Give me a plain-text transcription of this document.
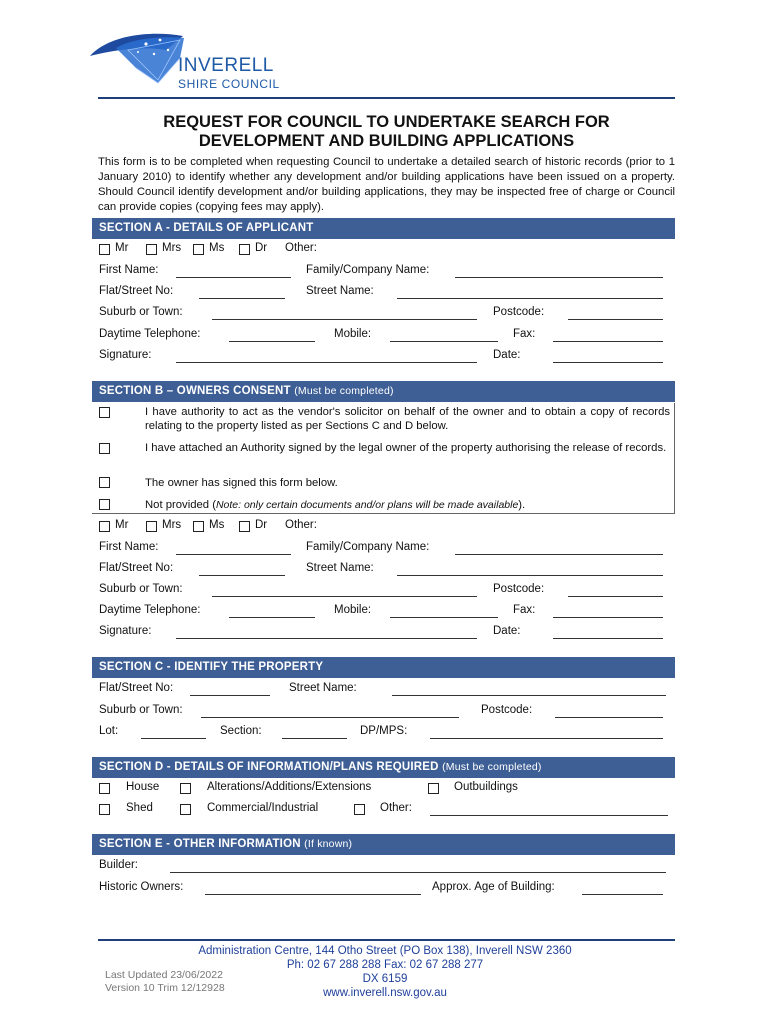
INVERELL
SHIRE COUNCIL
REQUEST FOR COUNCIL TO UNDERTAKE SEARCH FOR
DEVELOPMENT AND BUILDING APPLICATIONS
This form is to be completed when requesting Council to undertake a detailed search of historic records (prior to 1 January 2010) to identify whether any development and/or building applications have been issued on a property. Should Council identify development and/or building applications, they may be inspected free of charge or Council can provide copies (copying fees may apply).
SECTION A - DETAILS OF APPLICANT
Mr	Mrs Ms	Dr Other:
First Name:	Family/Company Name:
Flat/Street No:	Street Name:
Suburb or Town:	Postcode:
Daytime Telephone:	Mobile:	Fax:
Signature:	Date:
SECTION B – OWNERS CONSENT (Must be completed)
I have authority to act as the vendor's solicitor on behalf of the owner and to obtain a copy of records relating to the property listed as per Sections C and D below.
I have attached an Authority signed by the legal owner of the property authorising the release of records.
The owner has signed this form below.
Not provided (Note: only certain documents and/or plans will be made available).
Mr	Mrs Ms	Dr Other:
First Name:	Family/Company Name:
Flat/Street No:	Street Name:
Suburb or Town:	Postcode:
Daytime Telephone:	Mobile:	Fax:
Signature:	Date:
SECTION C - IDENTIFY THE PROPERTY
Flat/Street No:	Street Name:
Suburb or Town:	Postcode:
Lot:	Section:	DP/MPS:
SECTION D - DETAILS OF INFORMATION/PLANS REQUIRED (Must be completed)
House	Alterations/Additions/Extensions	Outbuildings
Shed	Commercial/Industrial	Other:
SECTION E - OTHER INFORMATION (If known)
Builder:
Historic Owners:	Approx. Age of Building:
Administration Centre, 144 Otho Street (PO Box 138), Inverell NSW 2360
Ph: 02 67 288 288 Fax: 02 67 288 277
DX 6159
www.inverell.nsw.gov.au
Last Updated 23/06/2022
Version 10 Trim 12/12928
